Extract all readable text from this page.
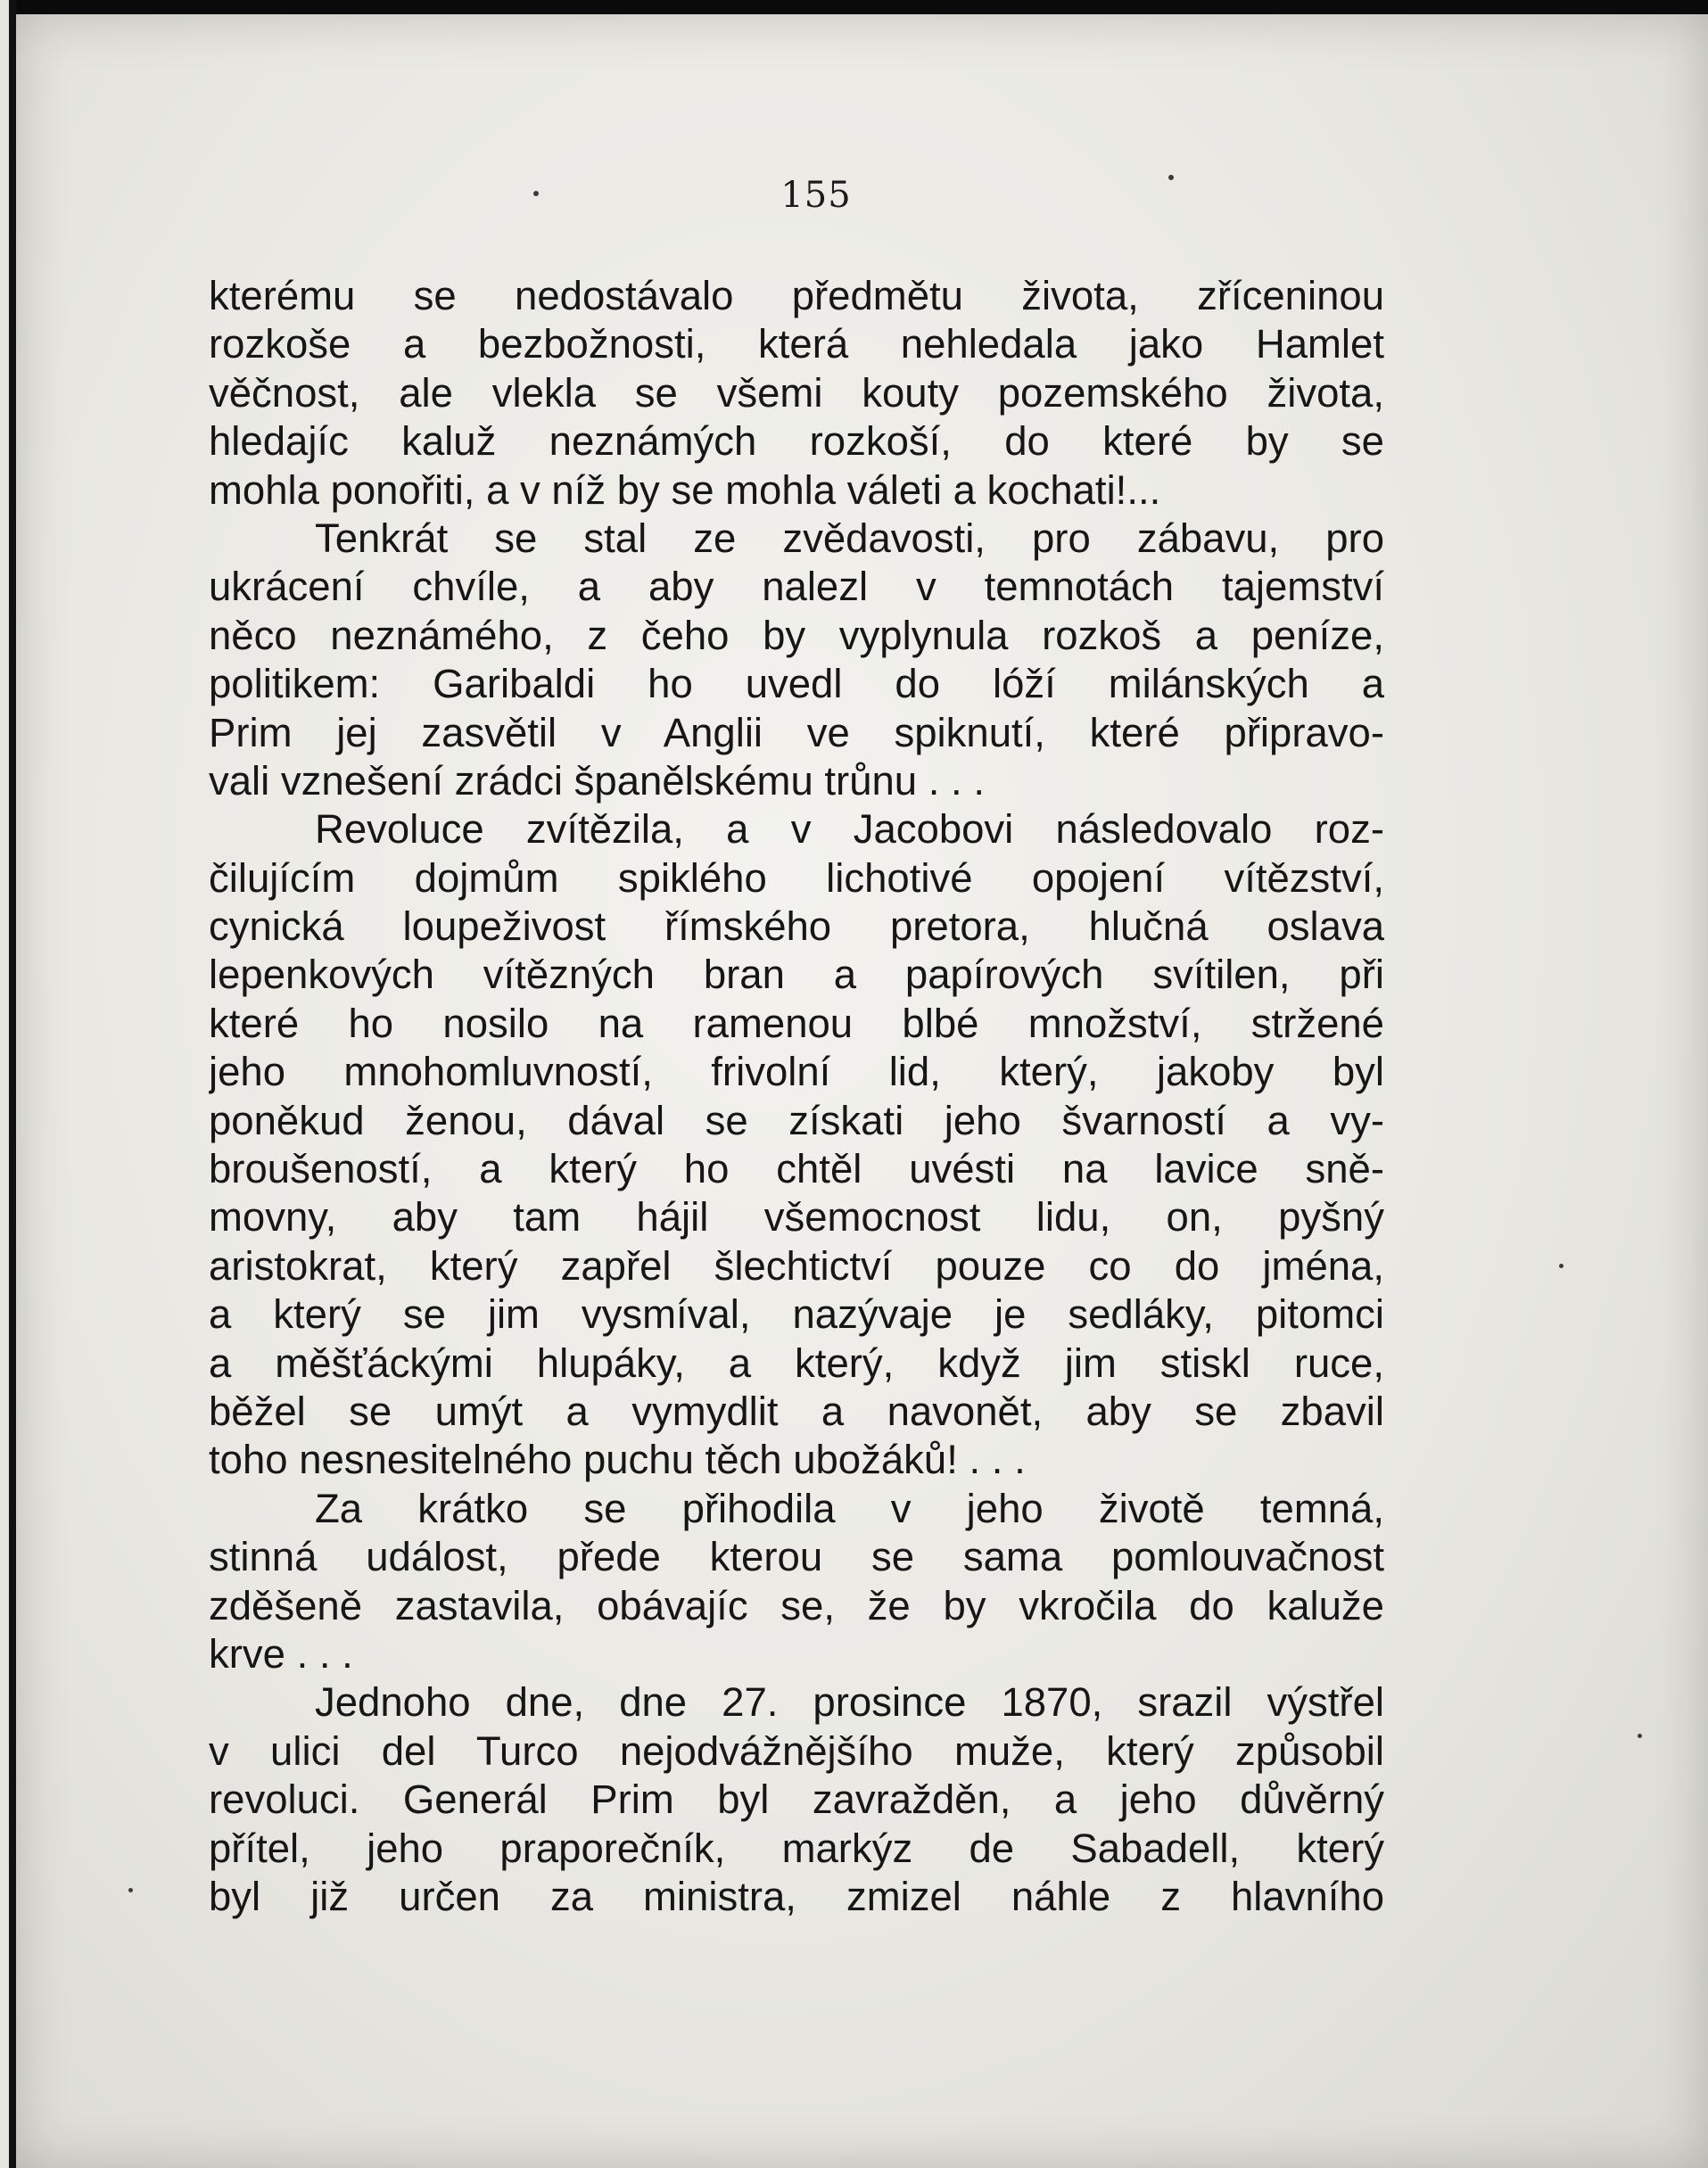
155
kterému se nedostávalo předmětu života, zříceninou
rozkoše a bezbožnosti, která nehledala jako Hamlet
věčnost, ale vlekla se všemi kouty pozemského života,
hledajíc kaluž neznámých rozkoší, do které by se
mohla ponořiti, a v níž by se mohla váleti a kochati!...
Tenkrát se stal ze zvědavosti, pro zábavu, pro
ukrácení chvíle, a aby nalezl v temnotách tajemství
něco neznámého, z čeho by vyplynula rozkoš a peníze,
politikem: Garibaldi ho uvedl do lóží milánských a
Prim jej zasvětil v Anglii ve spiknutí, které připravo-
vali vznešení zrádci španělskému trůnu . . .
Revoluce zvítězila, a v Jacobovi následovalo roz-
čilujícím dojmům spiklého lichotivé opojení vítězství,
cynická loupeživost římského pretora, hlučná oslava
lepenkových vítězných bran a papírových svítilen, při
které ho nosilo na ramenou blbé množství, stržené
jeho mnohomluvností, frivolní lid, který, jakoby byl
poněkud ženou, dával se získati jeho švarností a vy-
broušeností, a který ho chtěl uvésti na lavice sně-
movny, aby tam hájil všemocnost lidu, on, pyšný
aristokrat, který zapřel šlechtictví pouze co do jména,
a který se jim vysmíval, nazývaje je sedláky, pitomci
a měšťáckými hlupáky, a který, když jim stiskl ruce,
běžel se umýt a vymydlit a navonět, aby se zbavil
toho nesnesitelného puchu těch ubožáků! . . .
Za krátko se přihodila v jeho životě temná,
stinná událost, přede kterou se sama pomlouvačnost
zděšeně zastavila, obávajíc se, že by vkročila do kaluže
krve . . .
Jednoho dne, dne 27. prosince 1870, srazil výstřel
v ulici del Turco nejodvážnějšího muže, který způsobil
revoluci. Generál Prim byl zavražděn, a jeho důvěrný
přítel, jeho praporečník, markýz de Sabadell, který
byl již určen za ministra, zmizel náhle z hlavního
